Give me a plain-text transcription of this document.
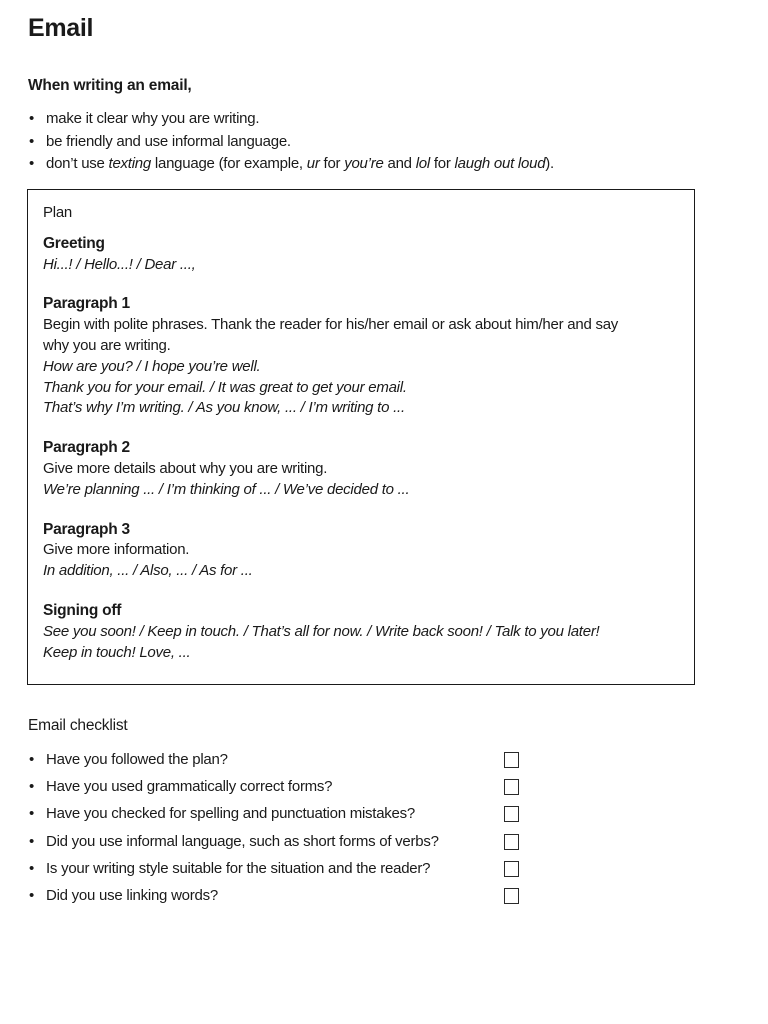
Email
When writing an email,
• make it clear why you are writing.
• be friendly and use informal language.
• don’t use texting language (for example, ur for you’re and lol for laugh out loud).
Plan
Greeting
Hi...! / Hello...! / Dear ...,
Paragraph 1
Begin with polite phrases. Thank the reader for his/her email or ask about him/her and say
why you are writing.
How are you? / I hope you’re well.
Thank you for your email. / It was great to get your email.
That’s why I’m writing. / As you know, ... / I’m writing to ...
Paragraph 2
Give more details about why you are writing.
We’re planning ... / I’m thinking of ... / We’ve decided to ...
Paragraph 3
Give more information.
In addition, ... / Also, ... / As for ...
Signing off
See you soon! / Keep in touch. / That’s all for now. / Write back soon! / Talk to you later!
Keep in touch! Love, ...
Email checklist
• Have you followed the plan?
• Have you used grammatically correct forms?
• Have you checked for spelling and punctuation mistakes?
• Did you use informal language, such as short forms of verbs?
• Is your writing style suitable for the situation and the reader?
• Did you use linking words?
